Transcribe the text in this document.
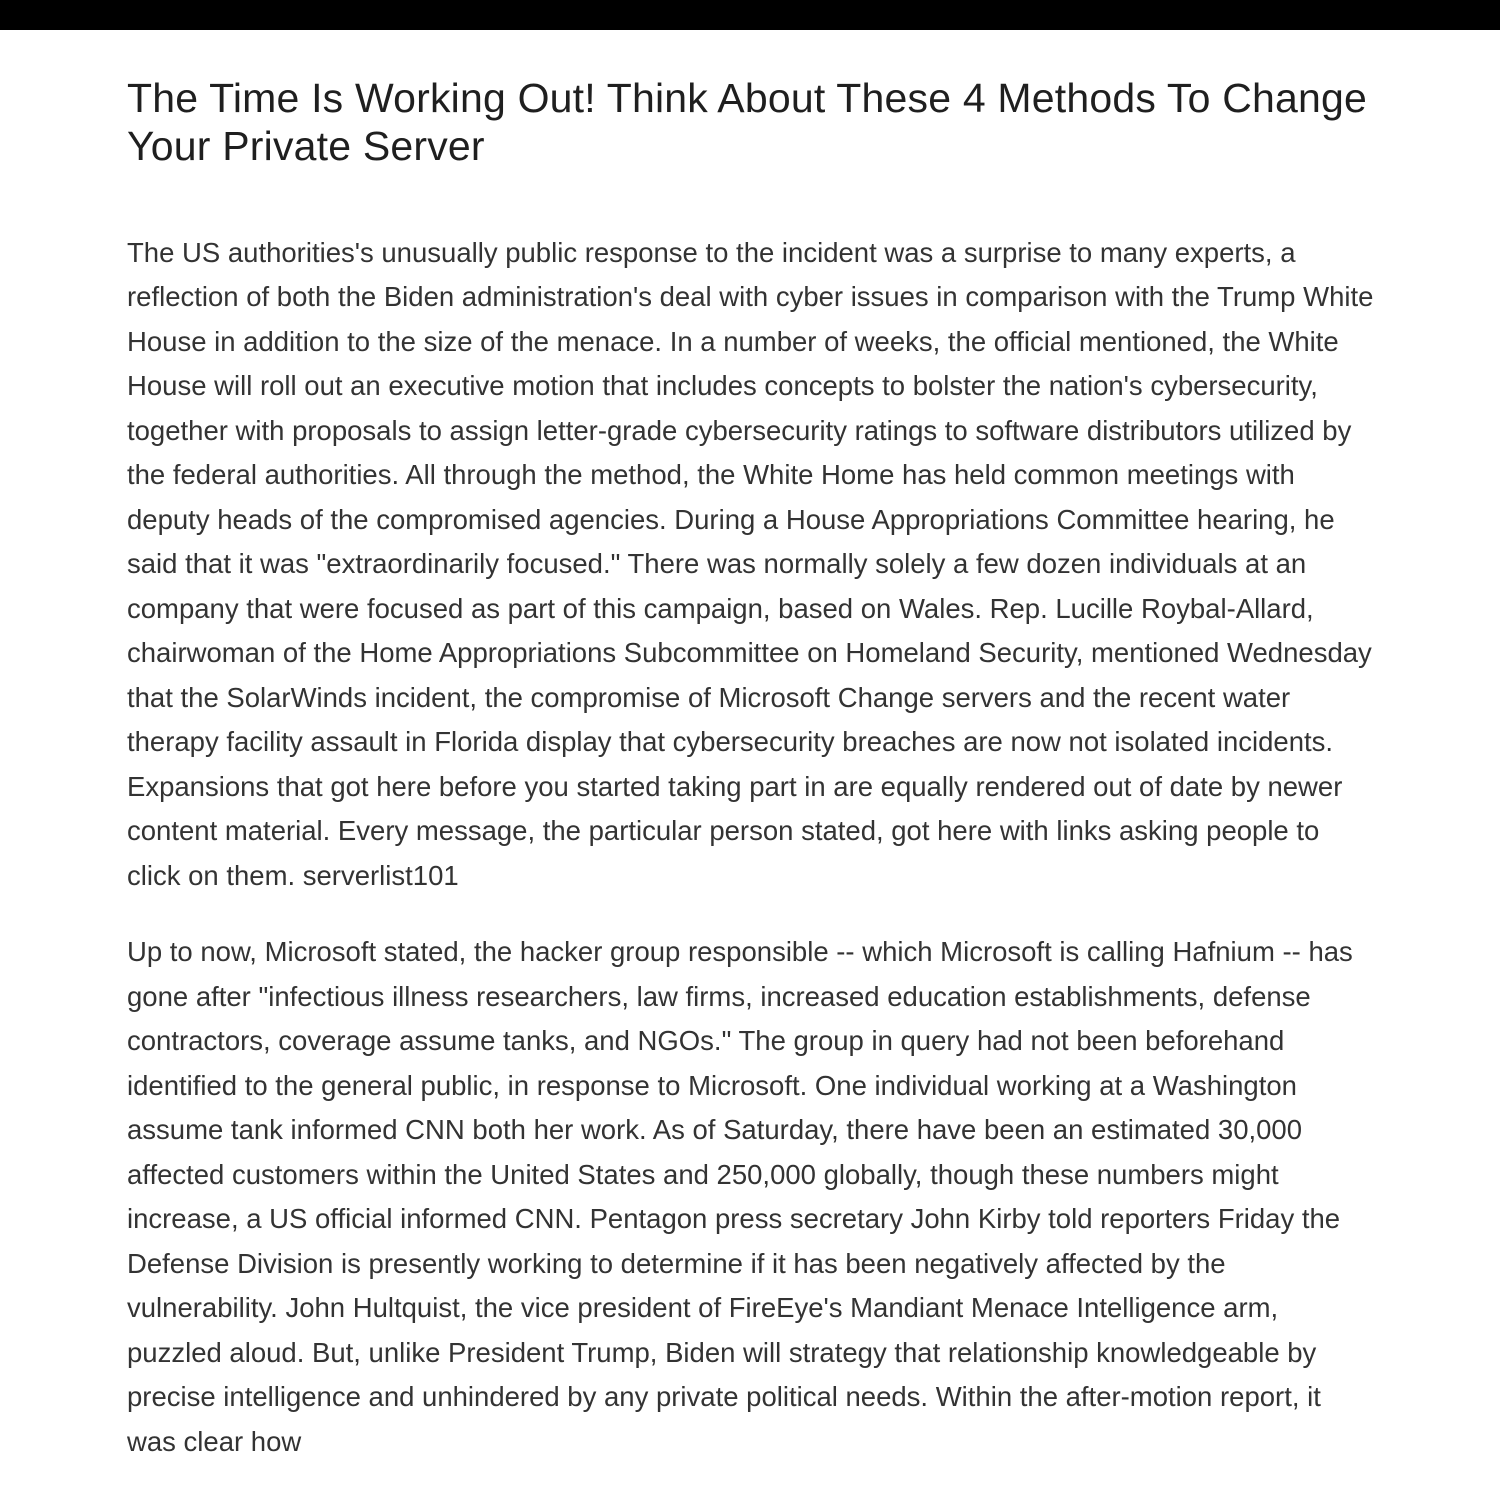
The Time Is Working Out! Think About These 4 Methods To Change Your Private Server

The US authorities's unusually public response to the incident was a surprise to many experts, a reflection of both the Biden administration's deal with cyber issues in comparison with the Trump White House in addition to the size of the menace. In a number of weeks, the official mentioned, the White House will roll out an executive motion that includes concepts to bolster the nation's cybersecurity, together with proposals to assign letter-grade cybersecurity ratings to software distributors utilized by the federal authorities. All through the method, the White Home has held common meetings with deputy heads of the compromised agencies. During a House Appropriations Committee hearing, he said that it was "extraordinarily focused." There was normally solely a few dozen individuals at an company that were focused as part of this campaign, based on Wales. Rep. Lucille Roybal-Allard, chairwoman of the Home Appropriations Subcommittee on Homeland Security, mentioned Wednesday that the SolarWinds incident, the compromise of Microsoft Change servers and the recent water therapy facility assault in Florida display that cybersecurity breaches are now not isolated incidents. Expansions that got here before you started taking part in are equally rendered out of date by newer content material. Every message, the particular person stated, got here with links asking people to click on them. serverlist101

Up to now, Microsoft stated, the hacker group responsible -- which Microsoft is calling Hafnium -- has gone after "infectious illness researchers, law firms, increased education establishments, defense contractors, coverage assume tanks, and NGOs." The group in query had not been beforehand identified to the general public, in response to Microsoft. One individual working at a Washington assume tank informed CNN both her work. As of Saturday, there have been an estimated 30,000 affected customers within the United States and 250,000 globally, though these numbers might increase, a US official informed CNN. Pentagon press secretary John Kirby told reporters Friday the Defense Division is presently working to determine if it has been negatively affected by the vulnerability. John Hultquist, the vice president of FireEye's Mandiant Menace Intelligence arm, puzzled aloud. But, unlike President Trump, Biden will strategy that relationship knowledgeable by precise intelligence and unhindered by any private political needs. Within the after-motion report, it was clear how
